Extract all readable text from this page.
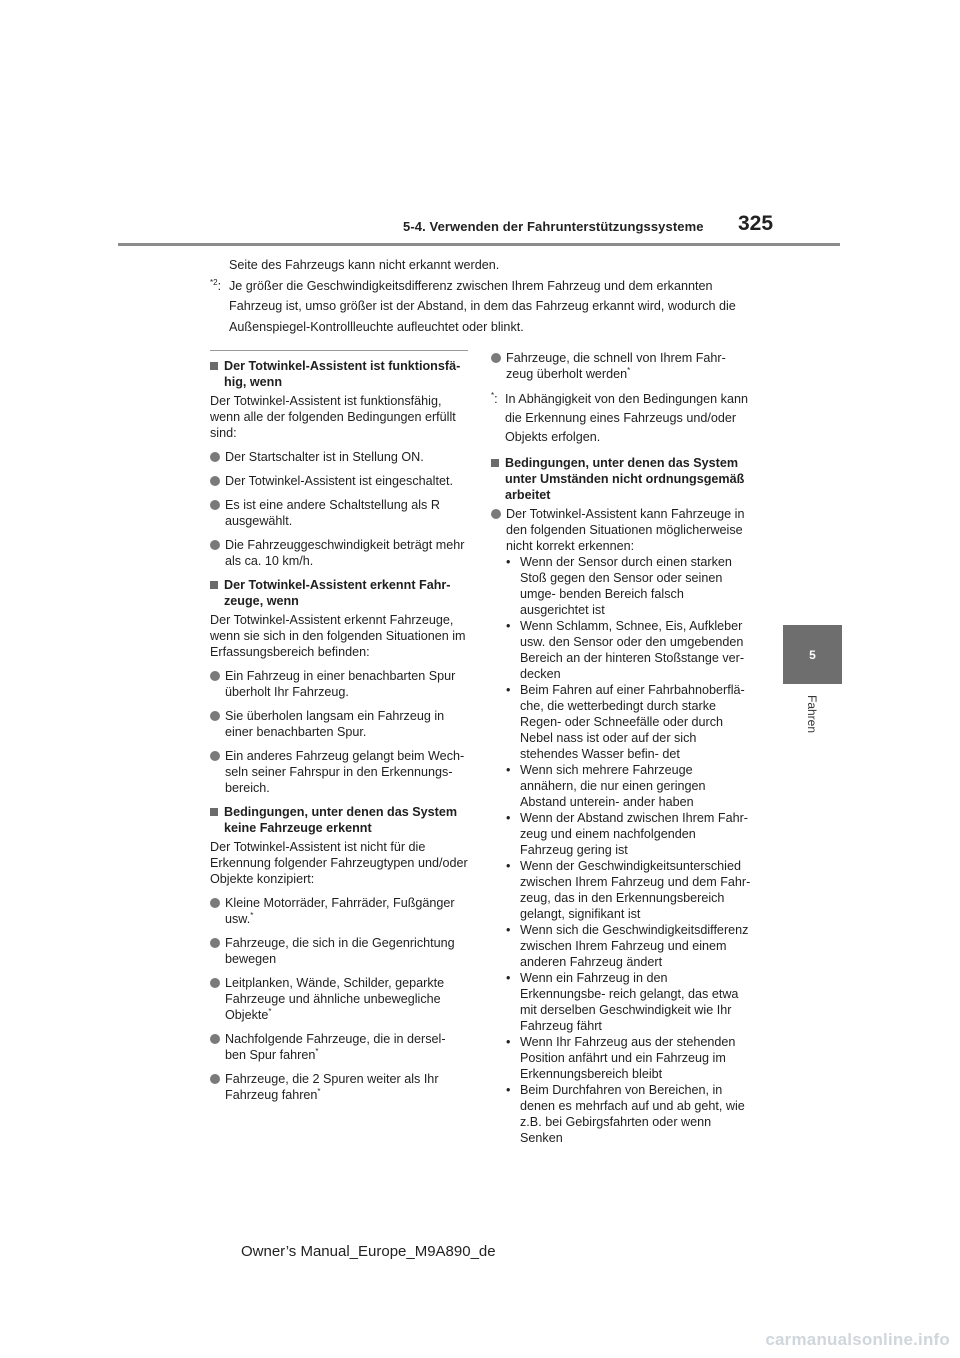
5-4. Verwenden der Fahrunterstützungssysteme 325
5
Fahren

Seite des Fahrzeugs kann nicht erkannt werden.

$^{*2}$: Je größer die Geschwindigkeitsdifferenz zwischen Ihrem Fahrzeug und dem erkannten

Fahrzeug ist, umso größer ist der Abstand, in dem das Fahrzeug erkannt wird, wodurch die

Außenspiegel-Kontrollleuchte aufleuchtet oder blinkt.

Der Totwinkel-Assistent ist funktionsfä- hig, wenn

Der Totwinkel-Assistent ist funktionsfähig, wenn alle der folgenden Bedingungen erfüllt sind:

Der Startschalter ist in Stellung ON.
Der Totwinkel-Assistent ist eingeschaltet.
Es ist eine andere Schaltstellung als R ausgewählt.
Die Fahrzeuggeschwindigkeit beträgt mehr als ca. 10 km/h.
Der Totwinkel-Assistent erkennt Fahr- zeuge, wenn

Der Totwinkel-Assistent erkennt Fahrzeuge, wenn sie sich in den folgenden Situationen im Erfassungsbereich befinden:

Ein Fahrzeug in einer benachbarten Spur überholt Ihr Fahrzeug.
Sie überholen langsam ein Fahrzeug in einer benachbarten Spur.
Ein anderes Fahrzeug gelangt beim Wech- seln seiner Fahrspur in den Erkennungs- bereich.
Bedingungen, unter denen das System keine Fahrzeuge erkennt

Der Totwinkel-Assistent ist nicht für die Erkennung folgender Fahrzeugtypen und/oder Objekte konzipiert:

Kleine Motorräder, Fahrräder, Fußgänger usw.*
Fahrzeuge, die sich in die Gegenrichtung bewegen
Leitplanken, Wände, Schilder, geparkte Fahrzeuge und ähnliche unbewegliche Objekte*
Nachfolgende Fahrzeuge, die in dersel- ben Spur fahren*
Fahrzeuge, die 2 Spuren weiter als Ihr Fahrzeug fahren*
Fahrzeuge, die schnell von Ihrem Fahr- zeug überholt werden*
*: In Abhängigkeit von den Bedingungen kann die Erkennung eines Fahrzeugs und/oder Objekts erfolgen.
Bedingungen, unter denen das System unter Umständen nicht ordnungsgemäß arbeitet
Der Totwinkel-Assistent kann Fahrzeuge in den folgenden Situationen möglicherweise nicht korrekt erkennen:
• Wenn der Sensor durch einen starken Stoß gegen den Sensor oder seinen umge- benden Bereich falsch ausgerichtet ist
• Wenn Schlamm, Schnee, Eis, Aufkleber usw. den Sensor oder den umgebenden Bereich an der hinteren Stoßstange ver- decken
• Beim Fahren auf einer Fahrbahnoberflä- che, die wetterbedingt durch starke Regen- oder Schneefälle oder durch Nebel nass ist oder auf der sich stehendes Wasser befin- det
• Wenn sich mehrere Fahrzeuge annähern, die nur einen geringen Abstand unterein- ander haben
• Wenn der Abstand zwischen Ihrem Fahr- zeug und einem nachfolgenden Fahrzeug gering ist
• Wenn der Geschwindigkeitsunterschied zwischen Ihrem Fahrzeug und dem Fahr- zeug, das in den Erkennungsbereich gelangt, signifikant ist
• Wenn sich die Geschwindigkeitsdifferenz zwischen Ihrem Fahrzeug und einem anderen Fahrzeug ändert
• Wenn ein Fahrzeug in den Erkennungsbe- reich gelangt, das etwa mit derselben Geschwindigkeit wie Ihr Fahrzeug fährt
• Wenn Ihr Fahrzeug aus der stehenden Position anfährt und ein Fahrzeug im Erkennungsbereich bleibt
• Beim Durchfahren von Bereichen, in denen es mehrfach auf und ab geht, wie z.B. bei Gebirgsfahrten oder wenn Senken
Owner’s Manual_Europe_M9A890_de
carmanualsonline.info
